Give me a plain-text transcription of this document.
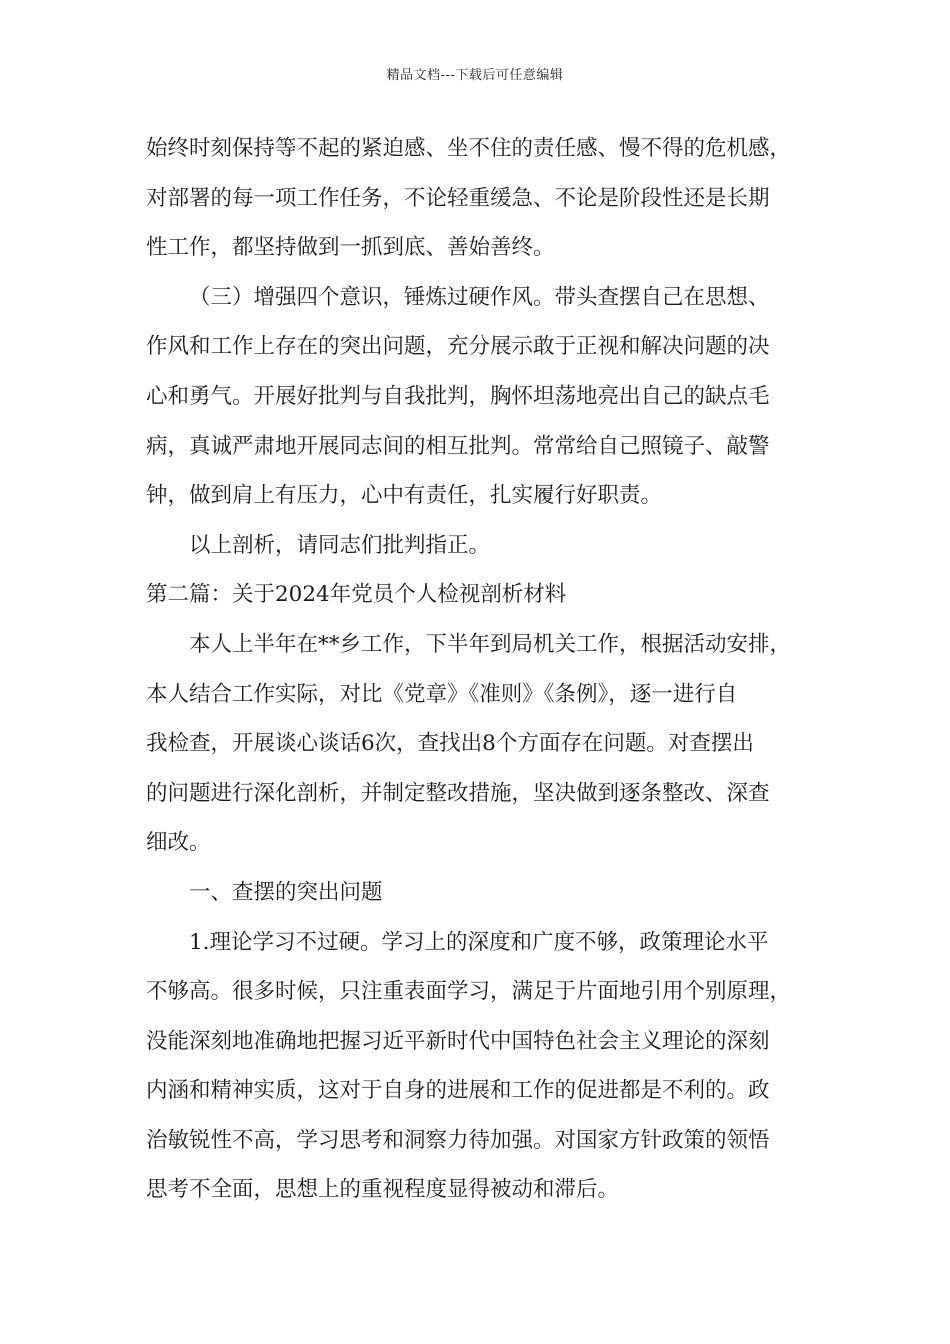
精品文档---下载后可任意编辑

始终时刻保持等不起的紧迫感、坐不住的责任感、慢不得的危机感，
对部署的每一项工作任务，不论轻重缓急、不论是阶段性还是长期
性工作，都坚持做到一抓到底、善始善终。

（三）增强四个意识，锤炼过硬作风。带头查摆自己在思想、
作风和工作上存在的突出问题，充分展示敢于正视和解决问题的决
心和勇气。开展好批判与自我批判，胸怀坦荡地亮出自己的缺点毛
病，真诚严肃地开展同志间的相互批判。常常给自己照镜子、敲警
钟，做到肩上有压力，心中有责任，扎实履行好职责。

以上剖析，请同志们批判指正。

第二篇：关于2024年党员个人检视剖析材料

本人上半年在**乡工作，下半年到局机关工作，根据活动安排，
本人结合工作实际，对比《党章》《准则》《条例》，逐一进行自
我检查，开展谈心谈话6次，查找出8个方面存在问题。对查摆出
的问题进行深化剖析，并制定整改措施，坚决做到逐条整改、深查
细改。

一、查摆的突出问题

1.理论学习不过硬。学习上的深度和广度不够，政策理论水平
不够高。很多时候，只注重表面学习，满足于片面地引用个别原理，
没能深刻地准确地把握习近平新时代中国特色社会主义理论的深刻
内涵和精神实质，这对于自身的进展和工作的促进都是不利的。政
治敏锐性不高，学习思考和洞察力待加强。对国家方针政策的领悟
思考不全面，思想上的重视程度显得被动和滞后。
